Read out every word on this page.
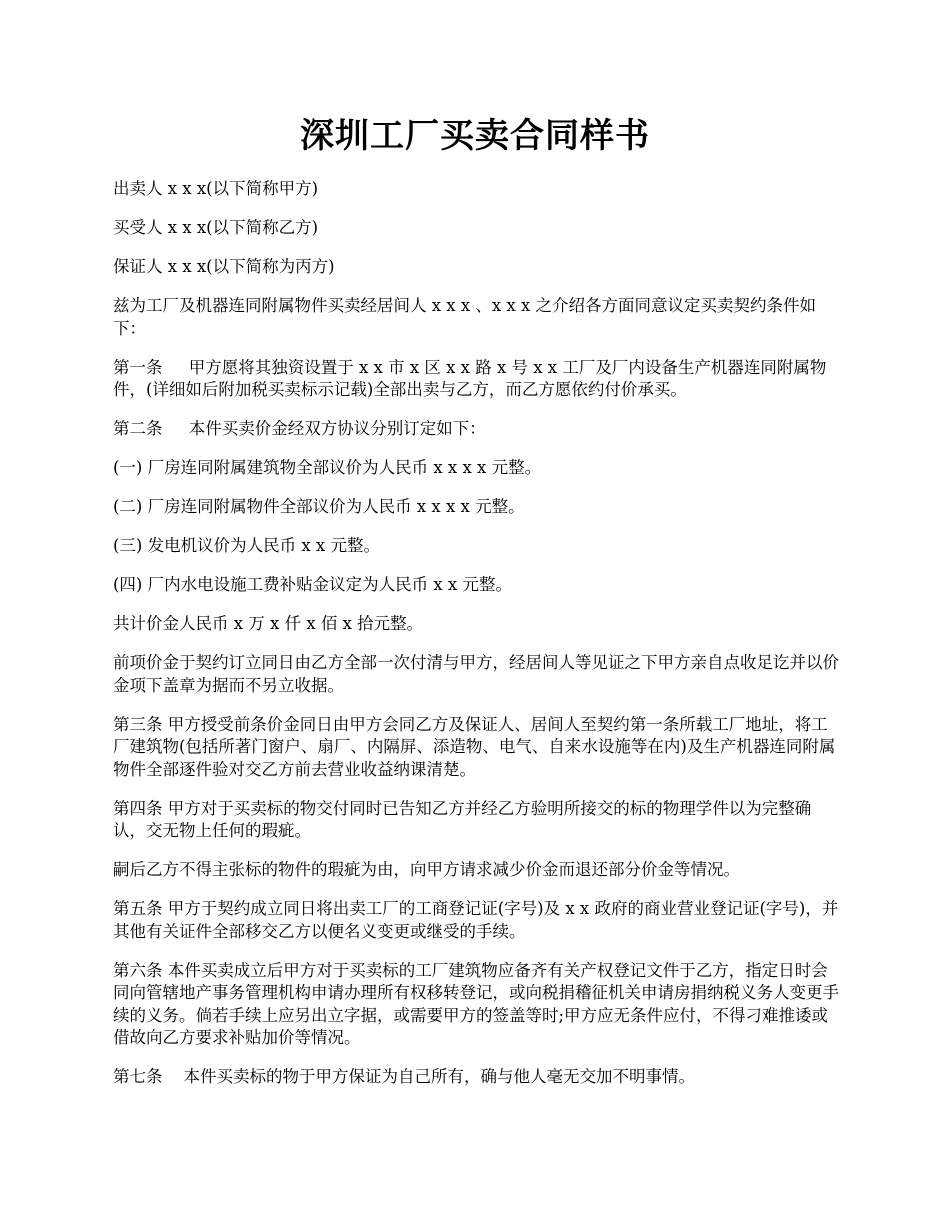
深圳工厂买卖合同样书

出卖人 x x x(以下简称甲方)

买受人 x x x(以下简称乙方)

保证人 x x x(以下简称为丙方)

兹为工厂及机器连同附属物件买卖经居间人 x x x 、x x x 之介绍各方面同意议定买卖契约条件如下：

第一条     甲方愿将其独资设置于 x x 市 x 区 x x 路 x 号 x x 工厂及厂内设备生产机器连同附属物件，(详细如后附加税买卖标示记载)全部出卖与乙方，而乙方愿依约付价承买。

第二条     本件买卖价金经双方协议分别订定如下：

(一) 厂房连同附属建筑物全部议价为人民币 x x x x 元整。

(二) 厂房连同附属物件全部议价为人民币 x x x x 元整。

(三) 发电机议价为人民币 x x 元整。

(四) 厂内水电设施工费补贴金议定为人民币 x x 元整。

共计价金人民币 x 万 x 仟 x 佰 x 拾元整。

前项价金于契约订立同日由乙方全部一次付清与甲方，经居间人等见证之下甲方亲自点收足讫并以价金项下盖章为据而不另立收据。

第三条 甲方授受前条价金同日由甲方会同乙方及保证人、居间人至契约第一条所载工厂地址，将工厂建筑物(包括所著门窗户、扇厂、内隔屏、添造物、电气、自来水设施等在内)及生产机器连同附属物件全部逐件验对交乙方前去营业收益纳课清楚。

第四条 甲方对于买卖标的物交付同时已告知乙方并经乙方验明所接交的标的物理学件以为完整确认，交无物上任何的瑕疵。

嗣后乙方不得主张标的物件的瑕疵为由，向甲方请求减少价金而退还部分价金等情况。

第五条 甲方于契约成立同日将出卖工厂的工商登记证(字号)及 x x 政府的商业营业登记证(字号)，并其他有关证件全部移交乙方以便名义变更或继受的手续。

第六条 本件买卖成立后甲方对于买卖标的工厂建筑物应备齐有关产权登记文件于乙方，指定日时会同向管辖地产事务管理机构申请办理所有权移转登记，或向税捐稽征机关申请房捐纳税义务人变更手续的义务。倘若手续上应另出立字据，或需要甲方的签盖等时;甲方应无条件应付，不得刁难推诿或借故向乙方要求补贴加价等情况。

第七条    本件买卖标的物于甲方保证为自己所有，确与他人毫无交加不明事情。
